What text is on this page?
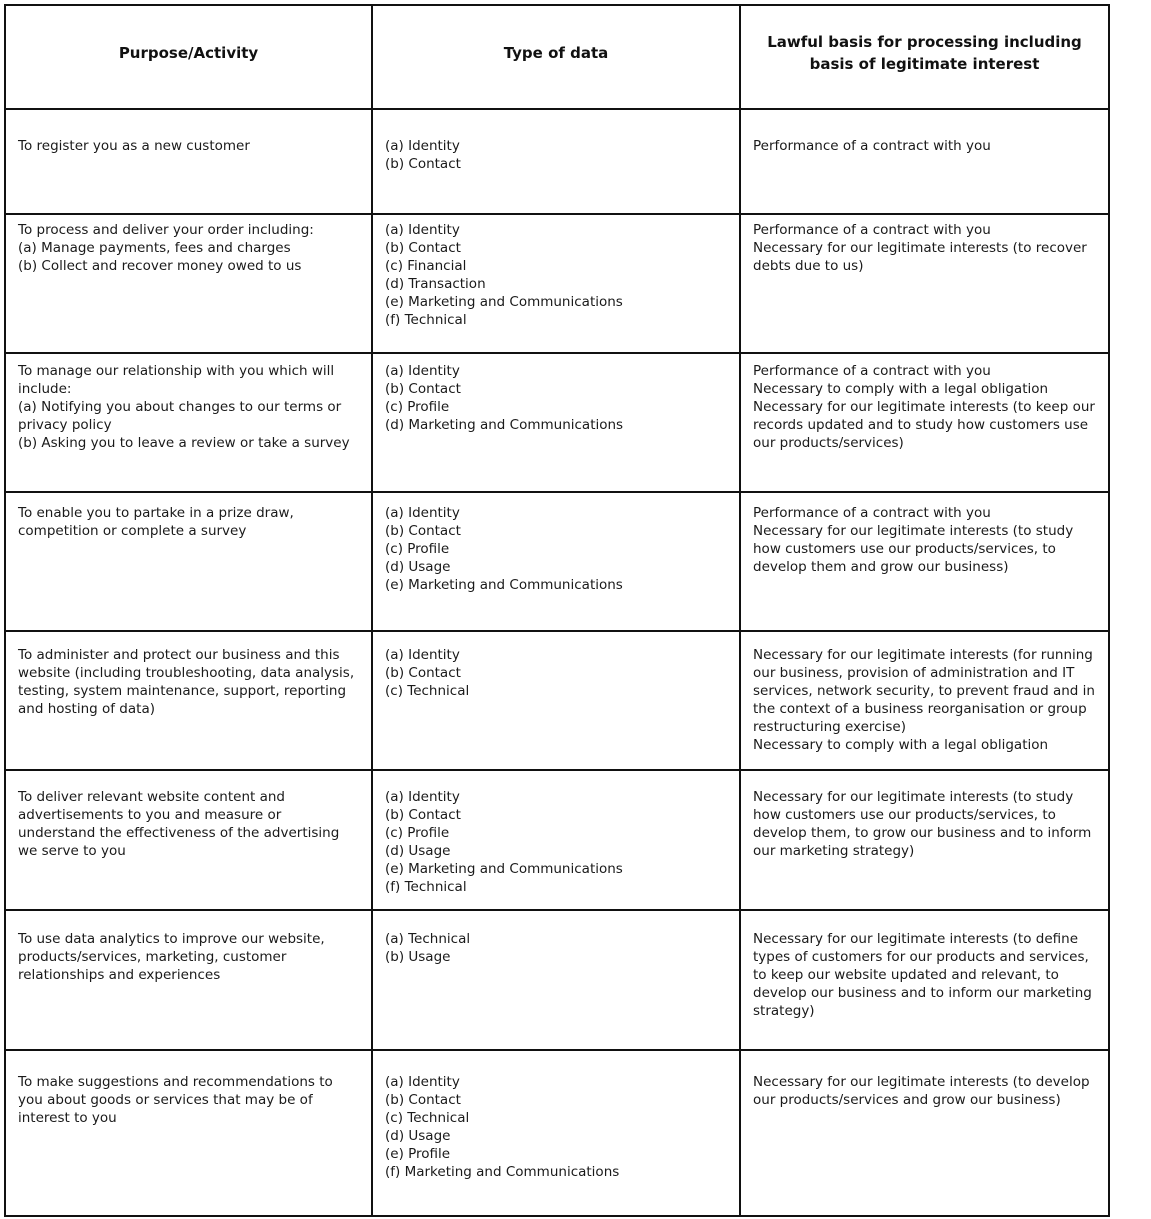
Purpose/Activity	Type of data
Lawful basis for processing including basis of legitimate interest
To register you as a new customer	(a) Identity
(b) Contact
Performance of a contract with you
To process and deliver your order including:
(a) Manage payments, fees and charges
(b) Collect and recover money owed to us
(a) Identity
(b) Contact
(c) Financial
(d) Transaction
(e) Marketing and Communications
(f) Technical
Performance of a contract with you
Necessary for our legitimate interests (to recover debts due to us)
To manage our relationship with you which will include:
(a) Notifying you about changes to our terms or privacy policy
(b) Asking you to leave a review or take a survey
(a) Identity
(b) Contact
(c) Profile
(d) Marketing and Communications
Performance of a contract with you
Necessary to comply with a legal obligation
Necessary for our legitimate interests (to keep our records updated and to study how customers use our products/services)
To enable you to partake in a prize draw, competition or complete a survey
(a) Identity
(b) Contact
(c) Profile
(d) Usage
(e) Marketing and Communications
Performance of a contract with you
Necessary for our legitimate interests (to study how customers use our products/services, to develop them and grow our business)
To administer and protect our business and this website (including troubleshooting, data analysis, testing, system maintenance, support, reporting and hosting of data)
(a) Identity
(b) Contact
(c) Technical
Necessary for our legitimate interests (for running our business, provision of administration and IT services, network security, to prevent fraud and in the context of a business reorganisation or group restructuring exercise)
Necessary to comply with a legal obligation
To deliver relevant website content and advertisements to you and measure or understand the effectiveness of the advertising we serve to you
(a) Identity
(b) Contact
(c) Profile
(d) Usage
(e) Marketing and Communications
(f) Technical
Necessary for our legitimate interests (to study how customers use our products/services, to develop them, to grow our business and to inform our marketing strategy)
To use data analytics to improve our website, products/services, marketing, customer relationships and experiences
(a) Technical
(b) Usage
Necessary for our legitimate interests (to define types of customers for our products and services, to keep our website updated and relevant, to develop our business and to inform our marketing strategy)
To make suggestions and recommendations to you about goods or services that may be of interest to you
(a) Identity
(b) Contact
(c) Technical
(d) Usage
(e) Profile
(f) Marketing and Communications
Necessary for our legitimate interests (to develop our products/services and grow our business)
